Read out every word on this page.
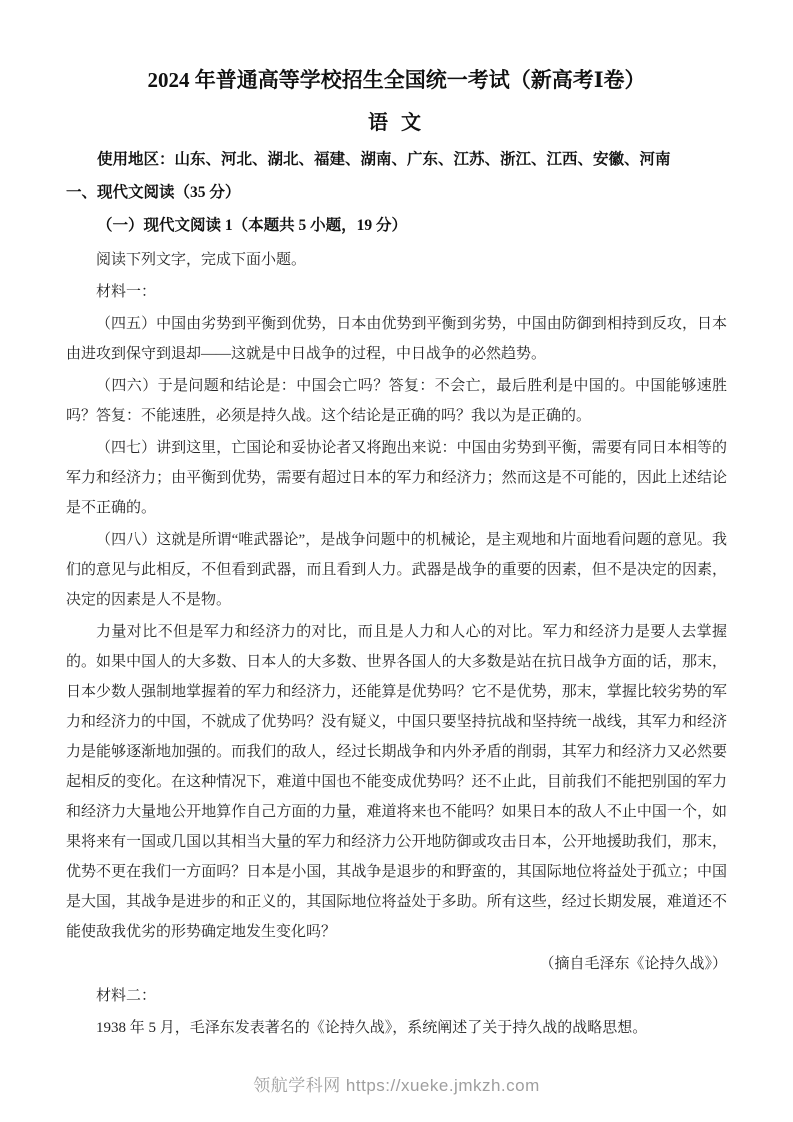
2024 年普通高等学校招生全国统一考试（新高考Ⅰ卷）
语 文

使用地区：山东、河北、湖北、福建、湖南、广东、江苏、浙江、江西、安徽、河南

一、现代文阅读（35 分）

（一）现代文阅读 1（本题共 5 小题，19 分）

阅读下列文字，完成下面小题。

材料一：

（四五）中国由劣势到平衡到优势，日本由优势到平衡到劣势，中国由防御到相持到反攻，日本由进攻到保守到退却——这就是中日战争的过程，中日战争的必然趋势。

（四六）于是问题和结论是：中国会亡吗？答复：不会亡，最后胜利是中国的。中国能够速胜吗？答复：不能速胜，必须是持久战。这个结论是正确的吗？我以为是正确的。

（四七）讲到这里，亡国论和妥协论者又将跑出来说：中国由劣势到平衡，需要有同日本相等的军力和经济力；由平衡到优势，需要有超过日本的军力和经济力；然而这是不可能的，因此上述结论是不正确的。

（四八）这就是所谓“唯武器论”，是战争问题中的机械论，是主观地和片面地看问题的意见。我们的意见与此相反，不但看到武器，而且看到人力。武器是战争的重要的因素，但不是决定的因素，决定的因素是人不是物。

力量对比不但是军力和经济力的对比，而且是人力和人心的对比。军力和经济力是要人去掌握的。如果中国人的大多数、日本人的大多数、世界各国人的大多数是站在抗日战争方面的话，那末，日本少数人强制地掌握着的军力和经济力，还能算是优势吗？它不是优势，那末，掌握比较劣势的军力和经济力的中国，不就成了优势吗？没有疑义，中国只要坚持抗战和坚持统一战线，其军力和经济力是能够逐渐地加强的。而我们的敌人，经过长期战争和内外矛盾的削弱，其军力和经济力又必然要起相反的变化。在这种情况下，难道中国也不能变成优势吗？还不止此，目前我们不能把别国的军力和经济力大量地公开地算作自己方面的力量，难道将来也不能吗？如果日本的敌人不止中国一个，如果将来有一国或几国以其相当大量的军力和经济力公开地防御或攻击日本，公开地援助我们，那末，优势不更在我们一方面吗？日本是小国，其战争是退步的和野蛮的，其国际地位将益处于孤立；中国是大国，其战争是进步的和正义的，其国际地位将益处于多助。所有这些，经过长期发展，难道还不能使敌我优劣的形势确定地发生变化吗？

（摘自毛泽东《论持久战》）

材料二：

1938 年 5 月，毛泽东发表著名的《论持久战》，系统阐述了关于持久战的战略思想。

领航学科网 https://xueke.jmkzh.com
